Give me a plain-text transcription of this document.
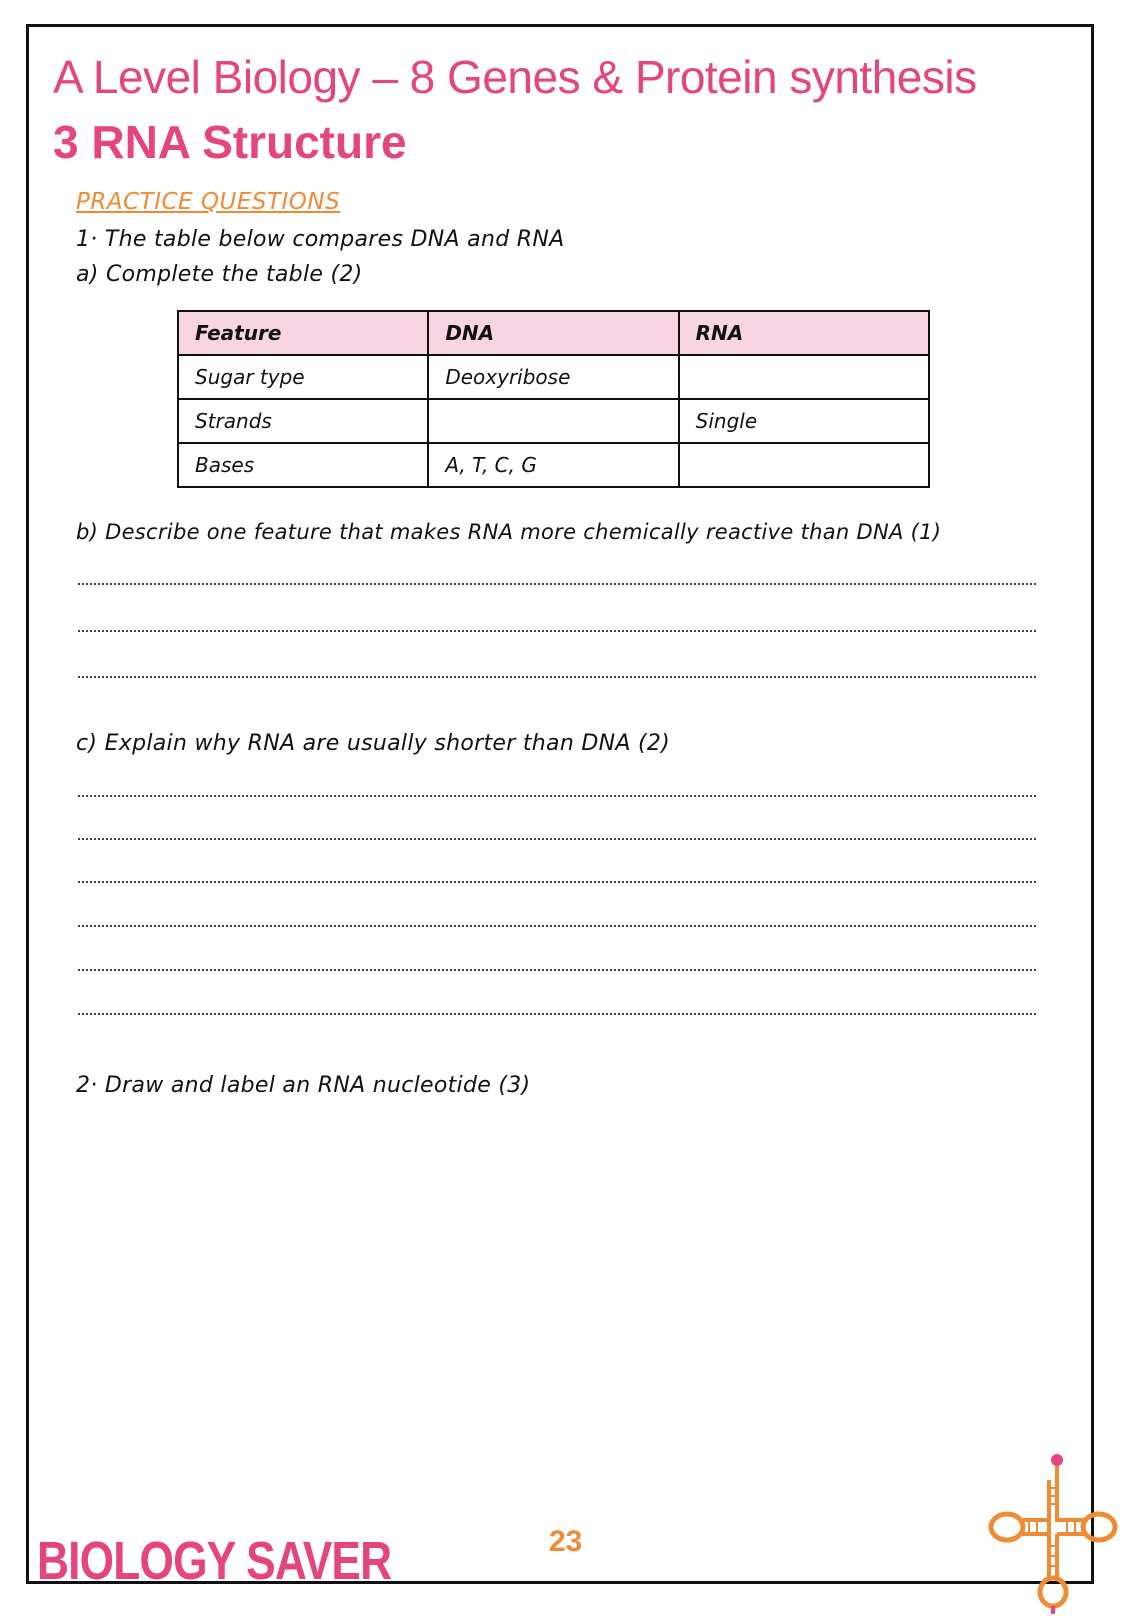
A Level Biology – 8 Genes & Protein synthesis
3 RNA Structure
PRACTICE QUESTIONS
1· The table below compares DNA and RNA
a) Complete the table (2)
Feature	DNA	RNA
Sugar type	Deoxyribose	
Strands		Single
Bases	A, T, C, G	
b) Describe one feature that makes RNA more chemically reactive than DNA (1)
c) Explain why RNA are usually shorter than DNA (2)
2· Draw and label an RNA nucleotide (3)
BIOLOGY SAVER	23
